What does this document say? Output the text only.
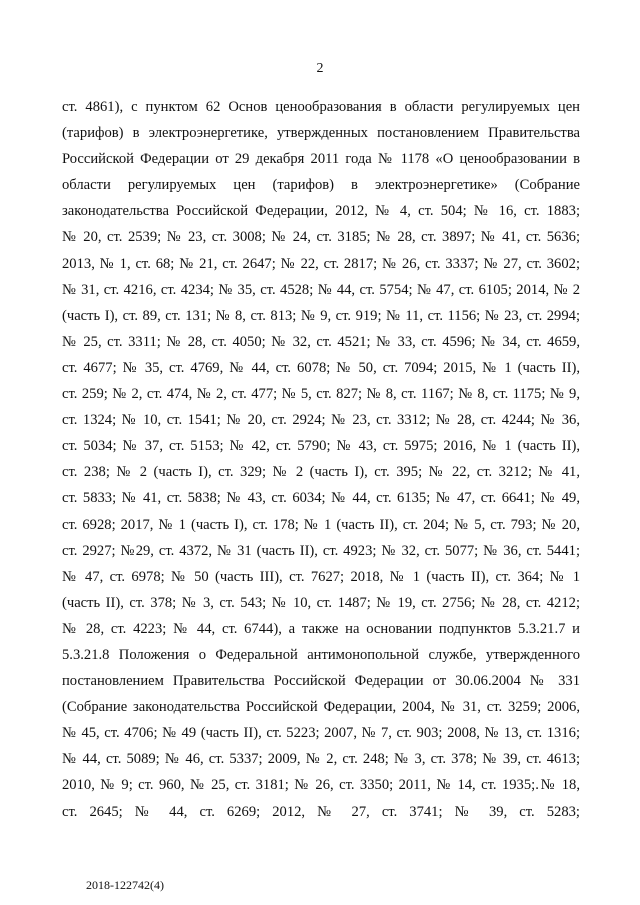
2
ст. 4861), с пунктом 62 Основ ценообразования в области регулируемых цен
(тарифов) в электроэнергетике, утвержденных постановлением Правительства
Российской Федерации от 29 декабря 2011 года № 1178 «О ценообразовании в
области регулируемых цен (тарифов) в электроэнергетике» (Собрание
законодательства Российской Федерации, 2012, № 4, ст. 504; № 16, ст. 1883;
№ 20, ст. 2539; № 23, ст. 3008; № 24, ст. 3185; № 28, ст. 3897; № 41, ст. 5636;
2013, № 1, ст. 68; № 21, ст. 2647; № 22, ст. 2817; № 26, ст. 3337; № 27, ст. 3602;
№ 31, ст. 4216, ст. 4234; № 35, ст. 4528; № 44, ст. 5754; № 47, ст. 6105; 2014, № 2
(часть I), ст. 89, ст. 131; № 8, ст. 813; № 9, ст. 919; № 11, ст. 1156; № 23, ст. 2994;
№ 25, ст. 3311; № 28, ст. 4050; № 32, ст. 4521; № 33, ст. 4596; № 34, ст. 4659,
ст. 4677; № 35, ст. 4769, № 44, ст. 6078; № 50, ст. 7094; 2015, № 1 (часть II),
ст. 259; № 2, ст. 474, № 2, ст. 477; № 5, ст. 827; № 8, ст. 1167; № 8, ст. 1175; № 9,
ст. 1324; № 10, ст. 1541; № 20, ст. 2924; № 23, ст. 3312; № 28, ст. 4244; № 36,
ст. 5034; № 37, ст. 5153; № 42, ст. 5790; № 43, ст. 5975; 2016, № 1 (часть II),
ст. 238; № 2 (часть I), ст. 329; № 2 (часть I), ст. 395; № 22, ст. 3212; № 41,
ст. 5833; № 41, ст. 5838; № 43, ст. 6034; № 44, ст. 6135; № 47, ст. 6641; № 49,
ст. 6928; 2017, № 1 (часть I), ст. 178; № 1 (часть II), ст. 204; № 5, ст. 793; № 20,
ст. 2927; №29, ст. 4372, № 31 (часть II), ст. 4923; № 32, ст. 5077; № 36, ст. 5441;
№ 47, ст. 6978; № 50 (часть III), ст. 7627; 2018, № 1 (часть II), ст. 364; № 1
(часть II), ст. 378; № 3, ст. 543; № 10, ст. 1487; № 19, ст. 2756; № 28, ст. 4212;
№ 28, ст. 4223; № 44, ст. 6744), а также на основании подпунктов 5.3.21.7 и
5.3.21.8 Положения о Федеральной антимонопольной службе, утвержденного
постановлением Правительства Российской Федерации от 30.06.2004 № 331
(Собрание законодательства Российской Федерации, 2004, № 31, ст. 3259; 2006,
№ 45, ст. 4706; № 49 (часть II), ст. 5223; 2007, № 7, ст. 903; 2008, № 13, ст. 1316;
№ 44, ст. 5089; № 46, ст. 5337; 2009, № 2, ст. 248; № 3, ст. 378; № 39, ст. 4613;
2010, № 9; ст. 960, № 25, ст. 3181; № 26, ст. 3350; 2011, № 14, ст. 1935;.№ 18,
ст. 2645; № 44, ст. 6269; 2012, № 27, ст. 3741; № 39, ст. 5283;
2018-122742(4)
